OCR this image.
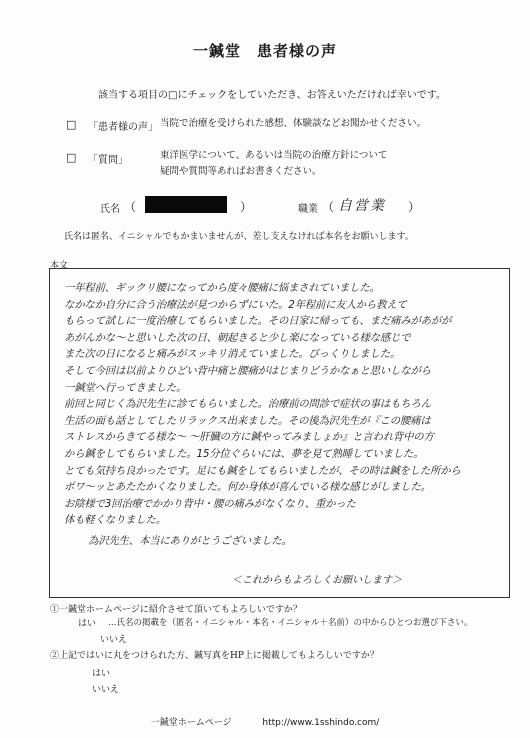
一鍼堂　患者様の声
該当する項目の□にチェックをしていただき、お答えいただければ幸いです。
□ 「患者様の声」 当院で治療を受けられた感想、体験談などお聞かせください。
□ 「質問」	東洋医学について、あるいは当院の治療方針について
疑問や質問等あればお書きください。
氏名 （	）	職業 （ 自営業 ）
氏名は匿名、イニシャルでもかまいませんが、差し支えなければ本名をお願いします。
本文
一年程前、ギックリ腰になってから度々腰痛に悩まされていました。
なかなか自分に合う治療法が見つからずにいた。2年程前に友人から教えて
もらって試しに一度治療してもらいました。その日家に帰っても、まだ痛みがあがが
あがんかな〜と思いした次の日、朝起きると少し楽になっている様な感じで
また次の日になると痛みがスッキリ消えていました。びっくりしました。
そして今回は以前よりひどい背中痛と腰痛がはじまりどうかなぁと思いしながら
一鍼堂へ行ってきました。
前回と同じく為沢先生に診てもらいました。治療前の問診で症状の事はもちろん
生活の面も話としてしたリラックス出来ました。その後為沢先生が『この腰痛は
ストレスからきてる様な〜 〜肝臓の方に鍼やってみましょか』と言われ背中の方
から鍼をしてもらいました。15分位ぐらいには、夢を見て熟睡していました。
とても気持ち良かったです。足にも鍼をしてもらいましたが、その時は鍼をした所から
ポワ〜ッとあたたかくなりました。何か身体が喜んでいる様な感じがしました。
お陰様で3回治療でかかり背中・腰の痛みがなくなり、重かった
体も軽くなりました。
為沢先生、本当にありがとうございました。
＜これからもよろしくお願いします＞
①一鍼堂ホームページに紹介させて頂いてもよろしいですか？
はい …氏名の掲載を（匿名・イニシャル・本名・イニシャル＋名前）の中からひとつお選び下さい。
いいえ
②上記ではいに丸をつけられた方、鍼写真をHP上に掲載してもよろしいですか？
はい
いいえ
一鍼堂ホームページ	http://www.1sshindo.com/
